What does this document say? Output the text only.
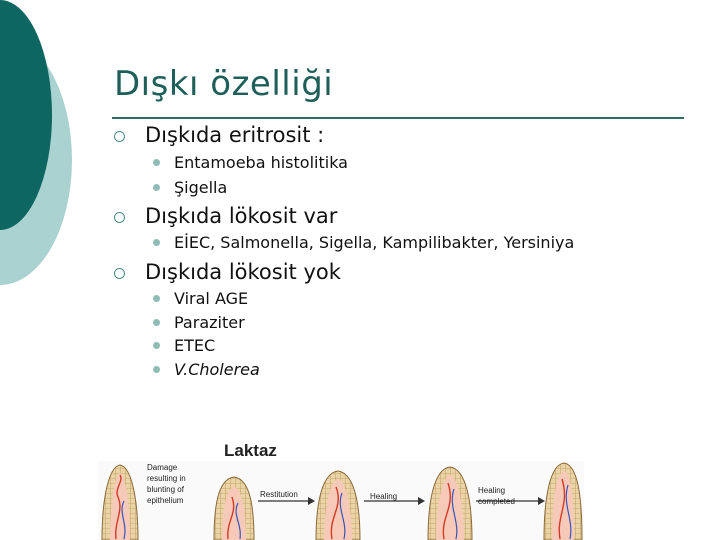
Dışkı özelliği
Dışkıda eritrosit :
Entamoeba histolitika
Şigella
Dışkıda lökosit var
EİEC, Salmonella, Sigella, Kampilibakter, Yersiniya
Dışkıda lökosit yok
Viral AGE
Paraziter
ETEC
V.Cholerea
Laktaz
Damage
resulting in
blunting of
epithelium
Restitution	Healing
Healing
completed
